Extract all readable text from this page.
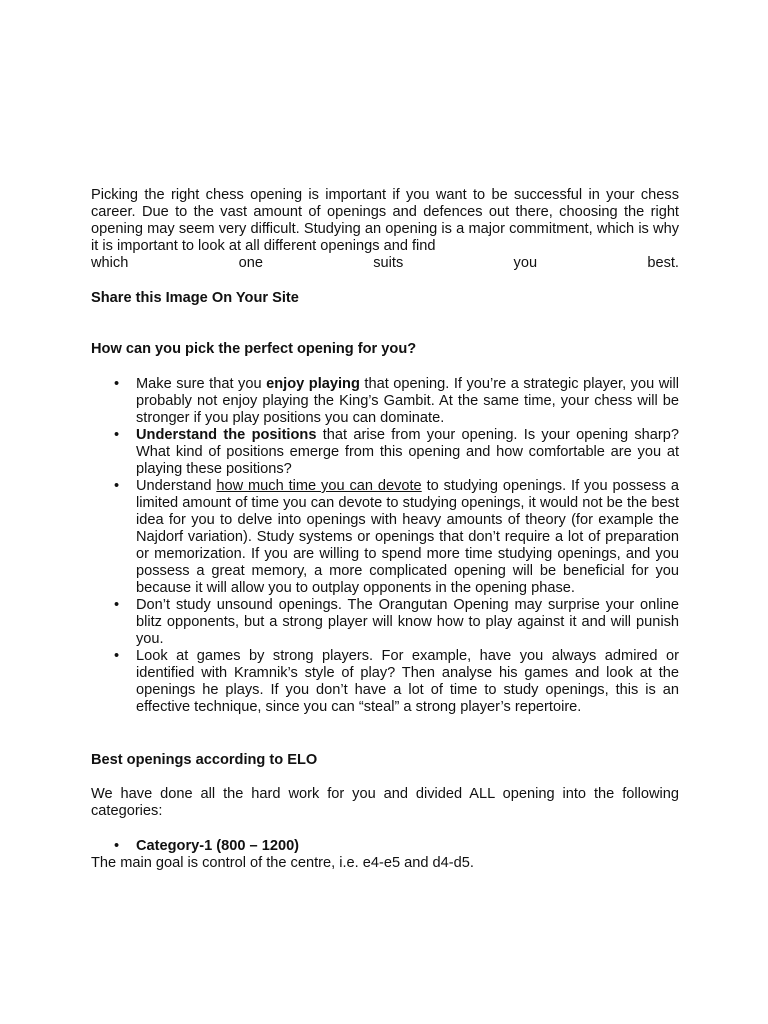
Picking the right chess opening is important if you want to be successful in your chess career. Due to the vast amount of openings and defences out there, choosing the right opening may seem very difficult. Studying an opening is a major commitment, which is why it is important to look at all different openings and find

which	one	suits	you	best.

Share this Image On Your Site

How can you pick the perfect opening for you?

• Make sure that you enjoy playing that opening. If you’re a strategic player, you will probably not enjoy playing the King’s Gambit. At the same time, your chess will be stronger if you play positions you can dominate.
• Understand the positions that arise from your opening. Is your opening sharp? What kind of positions emerge from this opening and how comfortable are you at playing these positions?
• Understand how much time you can devote to studying openings. If you possess a limited amount of time you can devote to studying openings, it would not be the best idea for you to delve into openings with heavy amounts of theory (for example the Najdorf variation). Study systems or openings that don’t require a lot of preparation or memorization. If you are willing to spend more time studying openings, and you possess a great memory, a more complicated opening will be beneficial for you because it will allow you to outplay opponents in the opening phase.
• Don’t study unsound openings. The Orangutan Opening may surprise your online blitz opponents, but a strong player will know how to play against it and will punish you.
• Look at games by strong players. For example, have you always admired or identified with Kramnik’s style of play? Then analyse his games and look at the openings he plays. If you don’t have a lot of time to study openings, this is an effective technique, since you can “steal” a strong player’s repertoire.

Best openings according to ELO

We have done all the hard work for you and divided ALL opening into the following categories:

• Category-1 (800 – 1200)

The main goal is control of the centre, i.e. e4-e5 and d4-d5.
